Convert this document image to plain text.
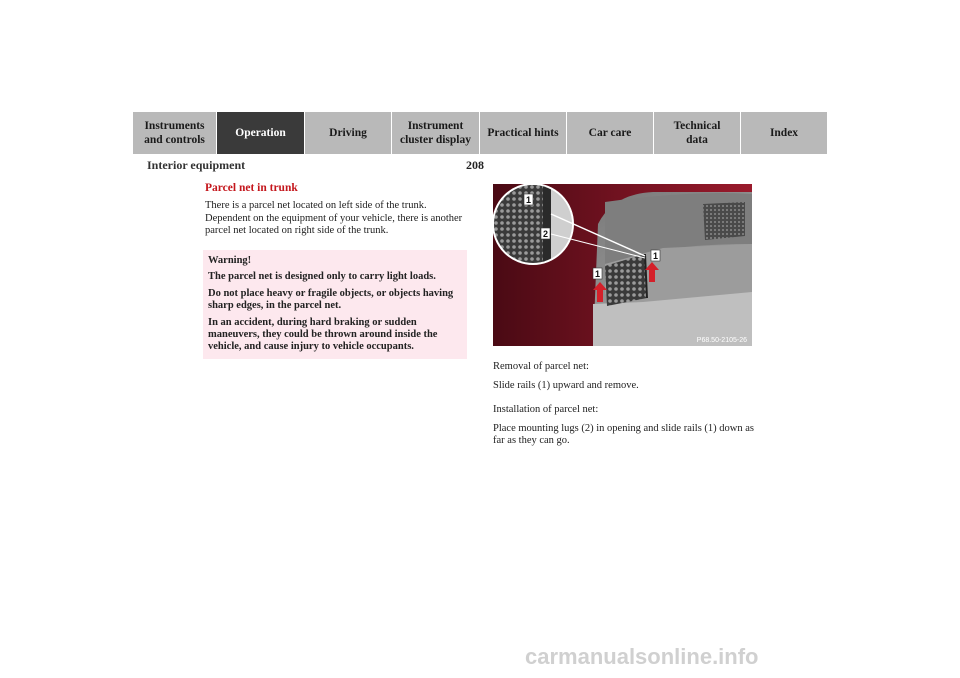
Instruments
and controls
Operation	Driving
Instrument
cluster display
Practical hints	Car care
Technical
data
Index
Interior equipment	208
Parcel net in trunk

There is a parcel net located on left side of the trunk. Dependent on the equipment of your vehicle, there is another parcel net located on right side of the trunk.

Warning!

The parcel net is designed only to carry light loads.

Do not place heavy or fragile objects, or objects having sharp edges, in the parcel net.

In an accident, during hard braking or sudden maneuvers, they could be thrown around inside the vehicle, and cause injury to vehicle occupants.

1
2
1
1
P68.50-2105-26

Removal of parcel net:

Slide rails (1) upward and remove.

Installation of parcel net:

Place mounting lugs (2) in opening and slide rails (1) down as far as they can go.

carmanualsonline.info
